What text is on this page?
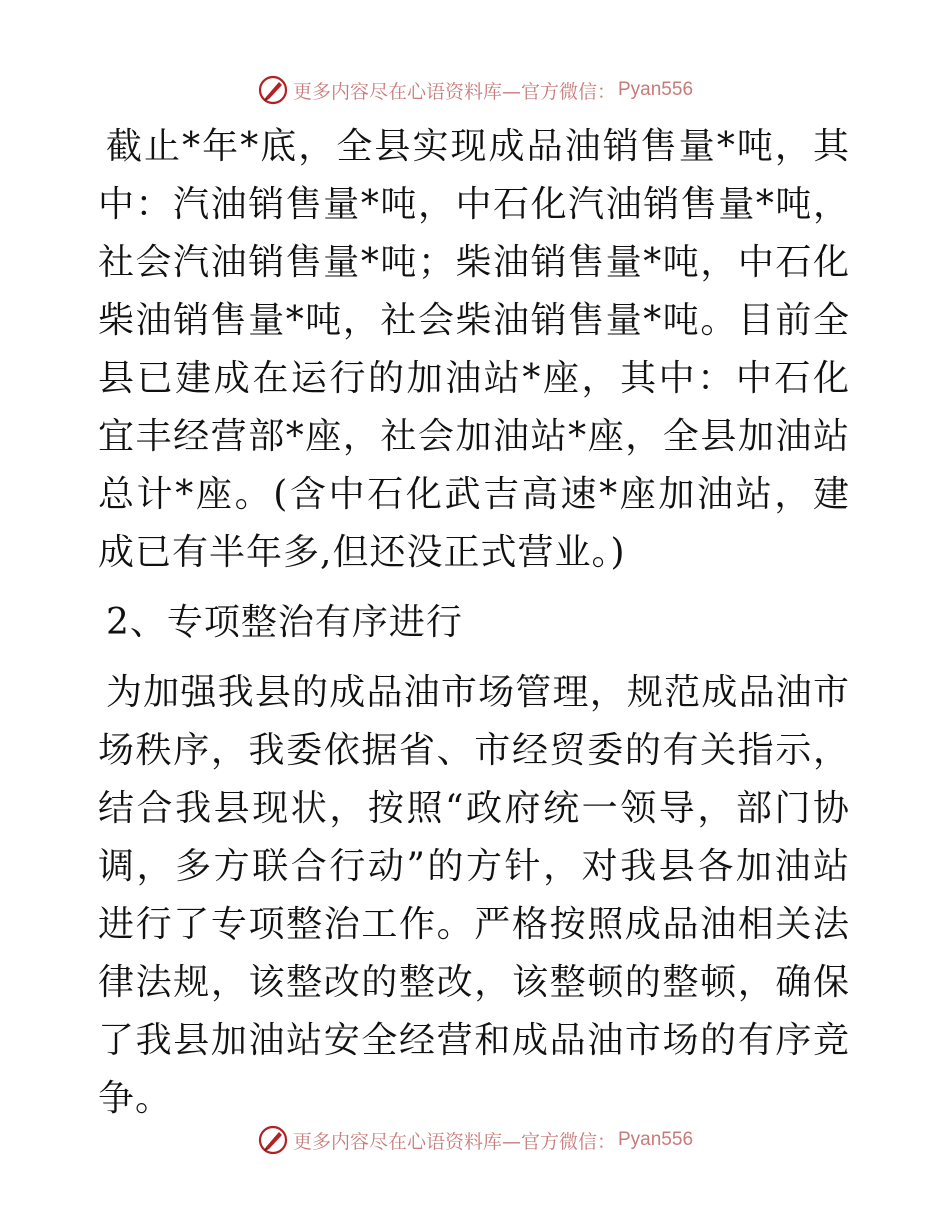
更多内容尽在心语资料库—官方微信： Pyan556

截止*年*底，全县实现成品油销售量*吨，其中：汽油销售量*吨，中石化汽油销售量*吨，社会汽油销售量*吨；柴油销售量*吨，中石化柴油销售量*吨，社会柴油销售量*吨。目前全县已建成在运行的加油站*座，其中：中石化宜丰经营部*座，社会加油站*座，全县加油站总计*座。(含中石化武吉高速*座加油站，建成已有半年多,但还没正式营业。)

2、专项整治有序进行

为加强我县的成品油市场管理，规范成品油市场秩序，我委依据省、市经贸委的有关指示，结合我县现状，按照“政府统一领导，部门协调，多方联合行动”的方针，对我县各加油站进行了专项整治工作。严格按照成品油相关法律法规，该整改的整改，该整顿的整顿，确保了我县加油站安全经营和成品油市场的有序竞争。

更多内容尽在心语资料库—官方微信： Pyan556
